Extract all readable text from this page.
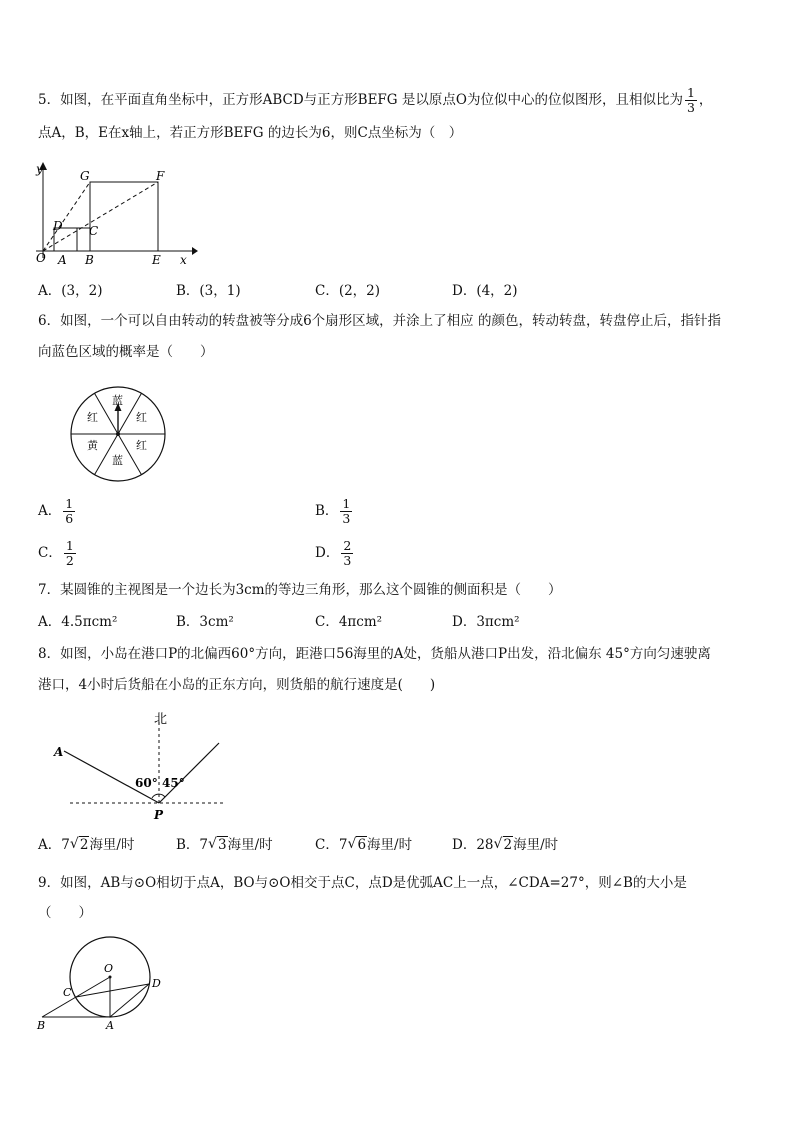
5．如图，在平面直角坐标中，正方形ABCD与正方形BEFG 是以原点O为位似中心的位似图形，且相似比为 $\frac{1}{3}$ ，
点A，B，E在x轴上，若正方形BEFG 的边长为6，则C点坐标为（　）
y
x
O A B	E
D C
G	F
A．(3，2)	B．(3，1)	C．(2，2)	D．(4，2)
6．如图，一个可以自由转动的转盘被等分成6个扇形区域，并涂上了相应 的颜色，转动转盘，转盘停止后，指针指
向蓝色区域的概率是（　　）
蓝
红
红
蓝
黄
红
A． $\frac{1}{6}$	B． $\frac{1}{3}$
C． $\frac{1}{2}$	D． $\frac{2}{3}$
7．某圆锥的主视图是一个边长为3cm的等边三角形，那么这个圆锥的侧面积是（　　）
A．4.5πcm²	B．3cm²	C．4πcm²	D．3πcm²
8．如图，小岛在港口P的北偏西60°方向，距港口56海里的A处，货船从港口P出发，沿北偏东 45°方向匀速驶离
港口，4小时后货船在小岛的正东方向，则货船的航行速度是(　　)
北
A
P
60° 45°
A．7 √ 2海里/时	B．7 √ 3海里/时	C．7 √ 6海里/时	D．28 √ 2海里/时
9．如图，AB与⊙O相切于点A，BO与⊙O相交于点C，点D是优弧AC上一点，∠CDA=27°，则∠B的大小是
（　　）
O
C
D
B	A
